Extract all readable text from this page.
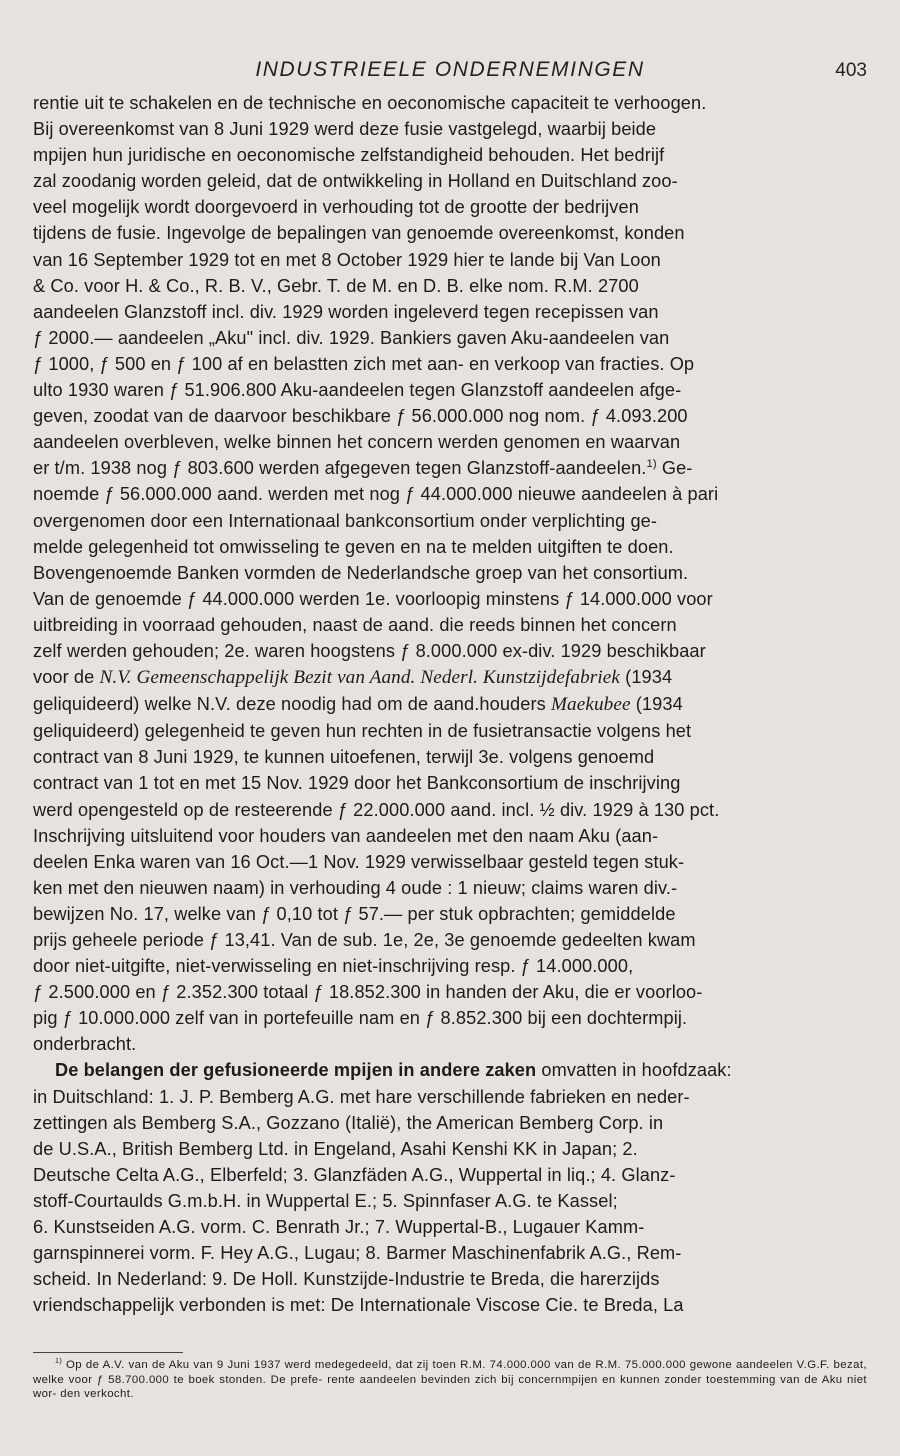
INDUSTRIEELE ONDERNEMINGEN	403

rentie uit te schakelen en de technische en oeconomische capaciteit te verhoogen.
Bij overeenkomst van 8 Juni 1929 werd deze fusie vastgelegd, waarbij beide
mpijen hun juridische en oeconomische zelfstandigheid behouden. Het bedrijf
zal zoodanig worden geleid, dat de ontwikkeling in Holland en Duitschland zoo-
veel mogelijk wordt doorgevoerd in verhouding tot de grootte der bedrijven
tijdens de fusie. Ingevolge de bepalingen van genoemde overeenkomst, konden
van 16 September 1929 tot en met 8 October 1929 hier te lande bij Van Loon
& Co. voor H. & Co., R. B. V., Gebr. T. de M. en D. B. elke nom. R.M. 2700
aandeelen Glanzstoff incl. div. 1929 worden ingeleverd tegen recepissen van
ƒ 2000.— aandeelen „Aku" incl. div. 1929. Bankiers gaven Aku-aandeelen van
ƒ 1000, ƒ 500 en ƒ 100 af en belastten zich met aan- en verkoop van fracties. Op
ulto 1930 waren ƒ 51.906.800 Aku-aandeelen tegen Glanzstoff aandeelen afge-
geven, zoodat van de daarvoor beschikbare ƒ 56.000.000 nog nom. ƒ 4.093.200
aandeelen overbleven, welke binnen het concern werden genomen en waarvan
er t/m. 1938 nog ƒ 803.600 werden afgegeven tegen Glanzstoff-aandeelen.$^{1)}$ Ge-
noemde ƒ 56.000.000 aand. werden met nog ƒ 44.000.000 nieuwe aandeelen à pari
overgenomen door een Internationaal bankconsortium onder verplichting ge-
melde gelegenheid tot omwisseling te geven en na te melden uitgiften te doen.
Bovengenoemde Banken vormden de Nederlandsche groep van het consortium.
Van de genoemde ƒ 44.000.000 werden 1e. voorloopig minstens ƒ 14.000.000 voor
uitbreiding in voorraad gehouden, naast de aand. die reeds binnen het concern
zelf werden gehouden; 2e. waren hoogstens ƒ 8.000.000 ex-div. 1929 beschikbaar
voor de N.V. Gemeenschappelijk Bezit van Aand. Nederl. Kunstzijdefabriek (1934
geliquideerd) welke N.V. deze noodig had om de aand.houders Maekubee (1934
geliquideerd) gelegenheid te geven hun rechten in de fusietransactie volgens het
contract van 8 Juni 1929, te kunnen uitoefenen, terwijl 3e. volgens genoemd
contract van 1 tot en met 15 Nov. 1929 door het Bankconsortium de inschrijving
werd opengesteld op de resteerende ƒ 22.000.000 aand. incl. ½ div. 1929 à 130 pct.
Inschrijving uitsluitend voor houders van aandeelen met den naam Aku (aan-
deelen Enka waren van 16 Oct.—1 Nov. 1929 verwisselbaar gesteld tegen stuk-
ken met den nieuwen naam) in verhouding 4 oude : 1 nieuw; claims waren div.-
bewijzen No. 17, welke van ƒ 0,10 tot ƒ 57.— per stuk opbrachten; gemiddelde
prijs geheele periode ƒ 13,41. Van de sub. 1e, 2e, 3e genoemde gedeelten kwam
door niet-uitgifte, niet-verwisseling en niet-inschrijving resp. ƒ 14.000.000,
ƒ 2.500.000 en ƒ 2.352.300 totaal ƒ 18.852.300 in handen der Aku, die er voorloo-
pig ƒ 10.000.000 zelf van in portefeuille nam en ƒ 8.852.300 bij een dochtermpij.
onderbracht.

De belangen der gefusioneerde mpijen in andere zaken omvatten in hoofdzaak:
in Duitschland: 1. J. P. Bemberg A.G. met hare verschillende fabrieken en neder-
zettingen als Bemberg S.A., Gozzano (Italië), the American Bemberg Corp. in
de U.S.A., British Bemberg Ltd. in Engeland, Asahi Kenshi KK in Japan; 2.
Deutsche Celta A.G., Elberfeld; 3. Glanzfäden A.G., Wuppertal in liq.; 4. Glanz-
stoff-Courtaulds G.m.b.H. in Wuppertal E.; 5. Spinnfaser A.G. te Kassel;
6. Kunstseiden A.G. vorm. C. Benrath Jr.; 7. Wuppertal-B., Lugauer Kamm-
garnspinnerei vorm. F. Hey A.G., Lugau; 8. Barmer Maschinenfabrik A.G., Rem-
scheid. In Nederland: 9. De Holl. Kunstzijde-Industrie te Breda, die harerzijds
vriendschappelijk verbonden is met: De Internationale Viscose Cie. te Breda, La

$^{1)}$ Op de A.V. van de Aku van 9 Juni 1937 werd medegedeeld, dat zij toen R.M. 74.000.000 van de R.M. 75.000.000 gewone aandeelen V.G.F. bezat, welke voor ƒ 58.700.000 te boek stonden. De prefe- rente aandeelen bevinden zich bij concernmpijen en kunnen zonder toestemming van de Aku niet wor- den verkocht.
